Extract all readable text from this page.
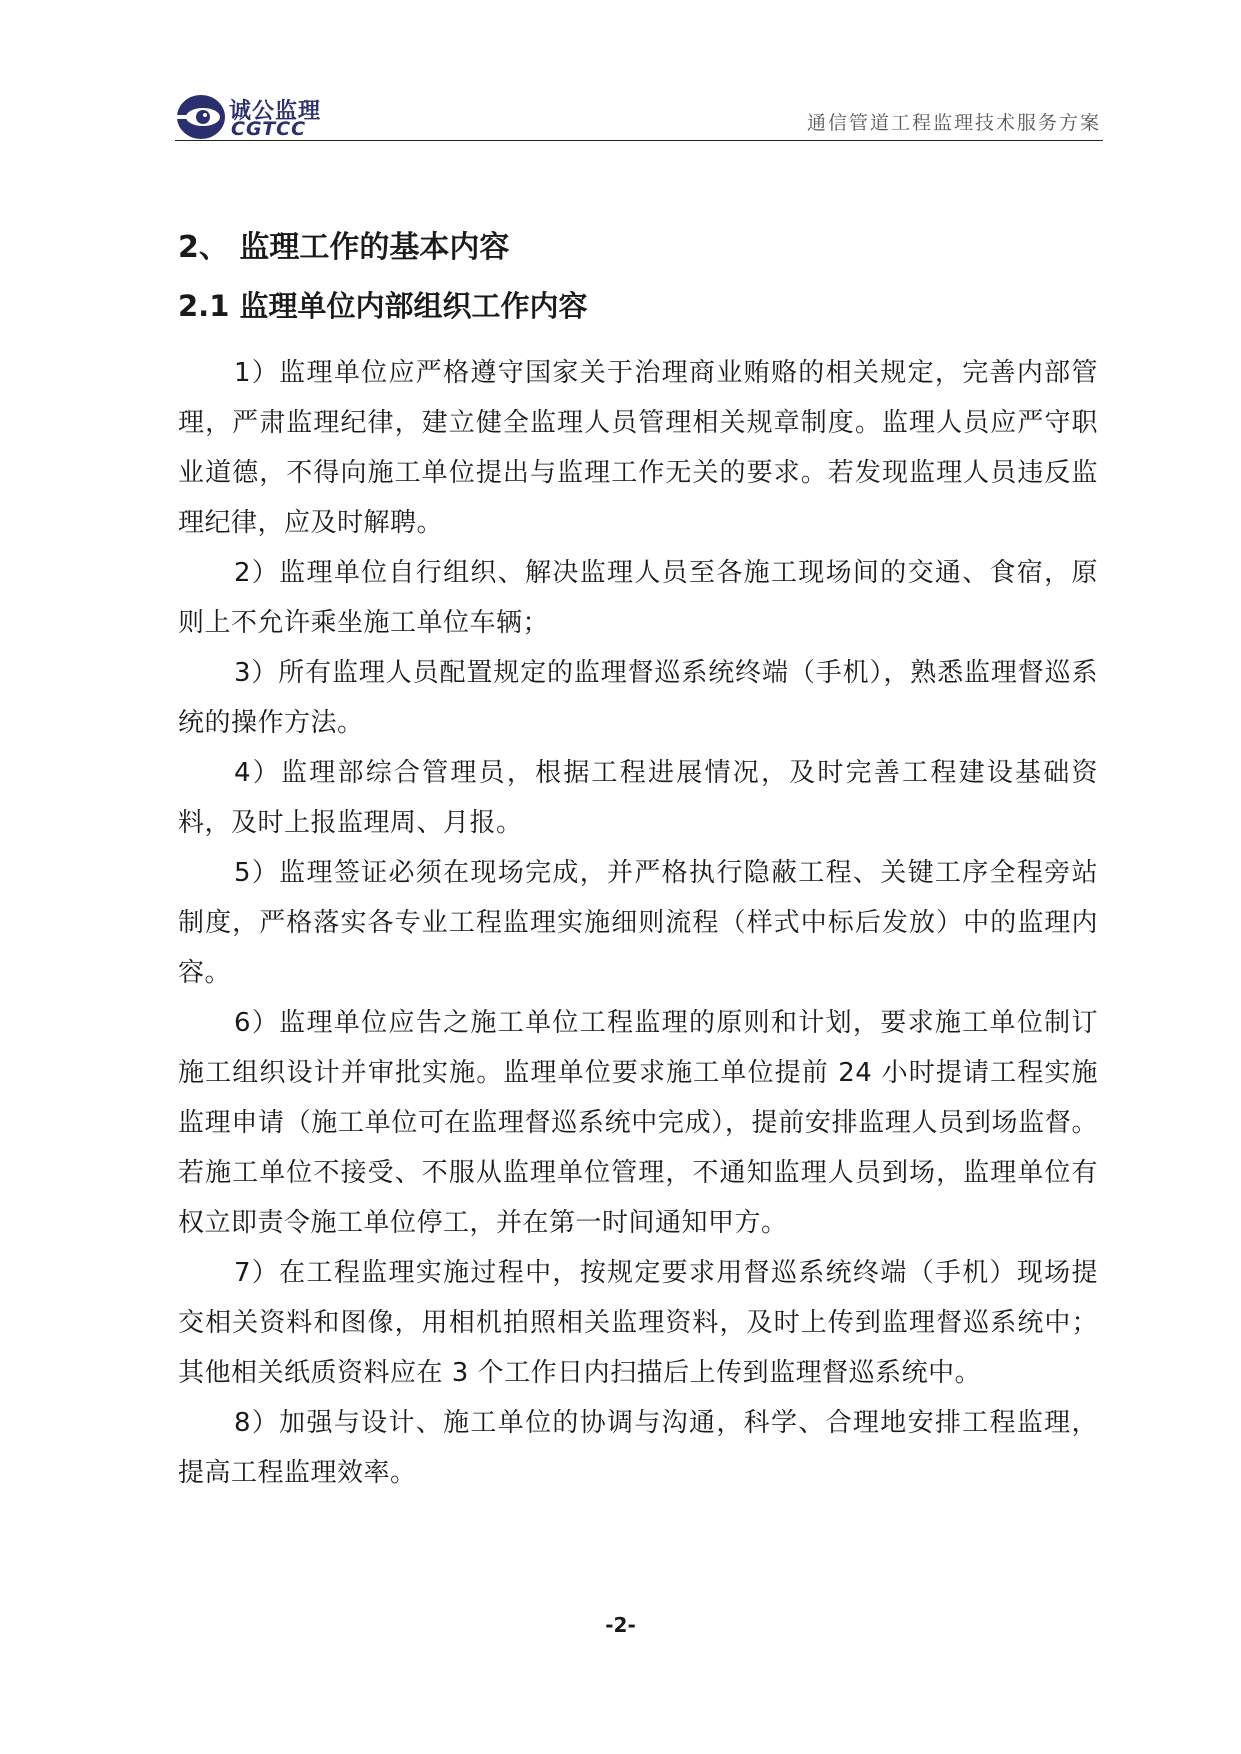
诚公监理
CGTCC	通信管道工程监理技术服务方案
2、 监理工作的基本内容
2.1 监理单位内部组织工作内容

1）监理单位应严格遵守国家关于治理商业贿赂的相关规定，完善内部管理，严肃监理纪律，建立健全监理人员管理相关规章制度。监理人员应严守职业道德，不得向施工单位提出与监理工作无关的要求。若发现监理人员违反监理纪律，应及时解聘。

2）监理单位自行组织、解决监理人员至各施工现场间的交通、食宿，原则上不允许乘坐施工单位车辆；

3）所有监理人员配置规定的监理督巡系统终端（手机），熟悉监理督巡系统的操作方法。

4）监理部综合管理员，根据工程进展情况，及时完善工程建设基础资料，及时上报监理周、月报。

5）监理签证必须在现场完成，并严格执行隐蔽工程、关键工序全程旁站制度，严格落实各专业工程监理实施细则流程（样式中标后发放）中的监理内容。

6）监理单位应告之施工单位工程监理的原则和计划，要求施工单位制订施工组织设计并审批实施。监理单位要求施工单位提前 24 小时提请工程实施监理申请（施工单位可在监理督巡系统中完成），提前安排监理人员到场监督。若施工单位不接受、不服从监理单位管理，不通知监理人员到场，监理单位有权立即责令施工单位停工，并在第一时间通知甲方。

7）在工程监理实施过程中，按规定要求用督巡系统终端（手机）现场提交相关资料和图像，用相机拍照相关监理资料，及时上传到监理督巡系统中；其他相关纸质资料应在 3 个工作日内扫描后上传到监理督巡系统中。

8）加强与设计、施工单位的协调与沟通，科学、合理地安排工程监理，提高工程监理效率。

-2-
